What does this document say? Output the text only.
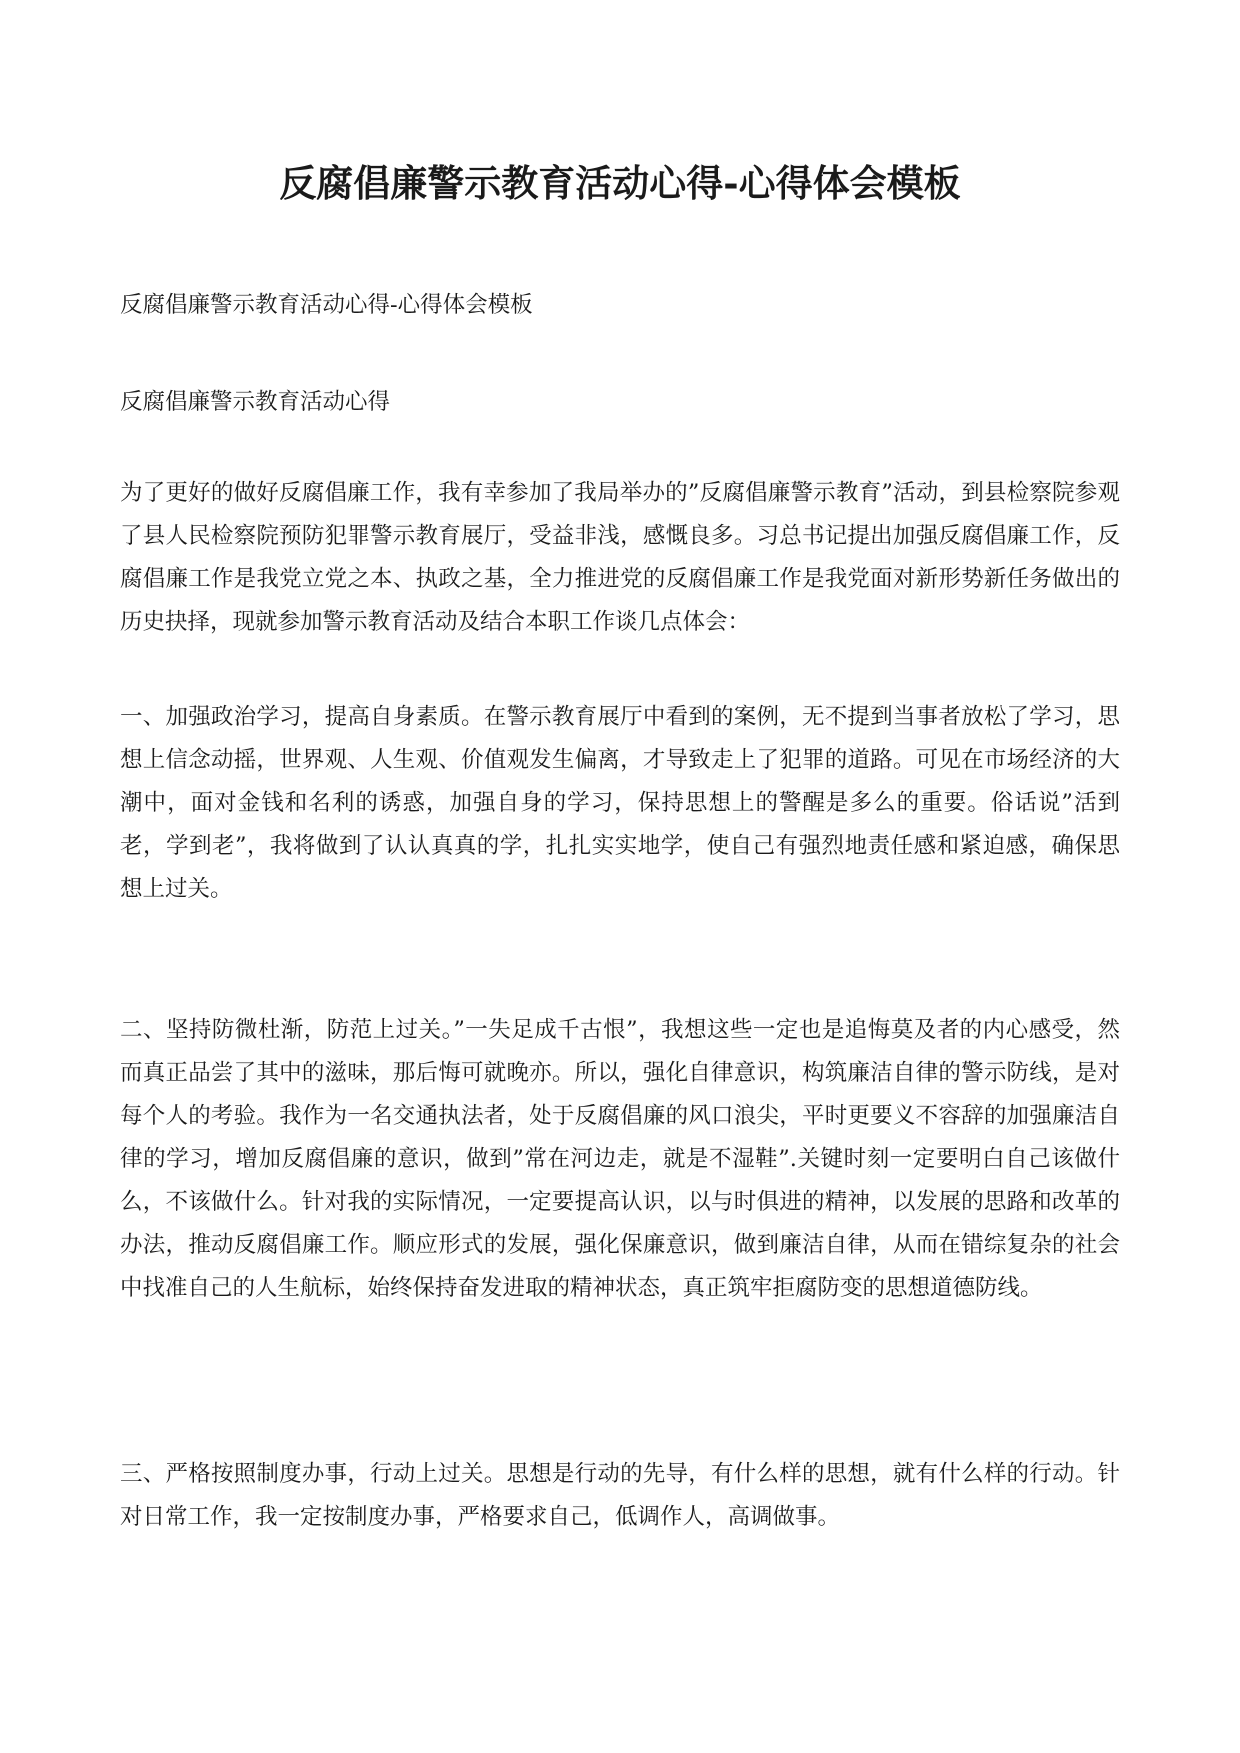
反腐倡廉警示教育活动心得-心得体会模板

反腐倡廉警示教育活动心得-心得体会模板

反腐倡廉警示教育活动心得

为了更好的做好反腐倡廉工作，我有幸参加了我局举办的”反腐倡廉警示教育”活动，到县检察院参观了县人民检察院预防犯罪警示教育展厅，受益非浅，感慨良多。习总书记提出加强反腐倡廉工作，反腐倡廉工作是我党立党之本、执政之基，全力推进党的反腐倡廉工作是我党面对新形势新任务做出的历史抉择，现就参加警示教育活动及结合本职工作谈几点体会：

一、加强政治学习，提高自身素质。在警示教育展厅中看到的案例，无不提到当事者放松了学习，思想上信念动摇，世界观、人生观、价值观发生偏离，才导致走上了犯罪的道路。可见在市场经济的大潮中，面对金钱和名利的诱惑，加强自身的学习，保持思想上的警醒是多么的重要。俗话说”活到老，学到老”，我将做到了认认真真的学，扎扎实实地学，使自己有强烈地责任感和紧迫感，确保思想上过关。

二、坚持防微杜渐，防范上过关。”一失足成千古恨”，我想这些一定也是追悔莫及者的内心感受，然而真正品尝了其中的滋味，那后悔可就晚亦。所以，强化自律意识，构筑廉洁自律的警示防线，是对每个人的考验。我作为一名交通执法者，处于反腐倡廉的风口浪尖，平时更要义不容辞的加强廉洁自律的学习，增加反腐倡廉的意识，做到”常在河边走，就是不湿鞋”.关键时刻一定要明白自己该做什么，不该做什么。针对我的实际情况，一定要提高认识，以与时俱进的精神，以发展的思路和改革的办法，推动反腐倡廉工作。顺应形式的发展，强化保廉意识，做到廉洁自律，从而在错综复杂的社会中找准自己的人生航标，始终保持奋发进取的精神状态，真正筑牢拒腐防变的思想道德防线。

三、严格按照制度办事，行动上过关。思想是行动的先导，有什么样的思想，就有什么样的行动。针对日常工作，我一定按制度办事，严格要求自己，低调作人，高调做事。
